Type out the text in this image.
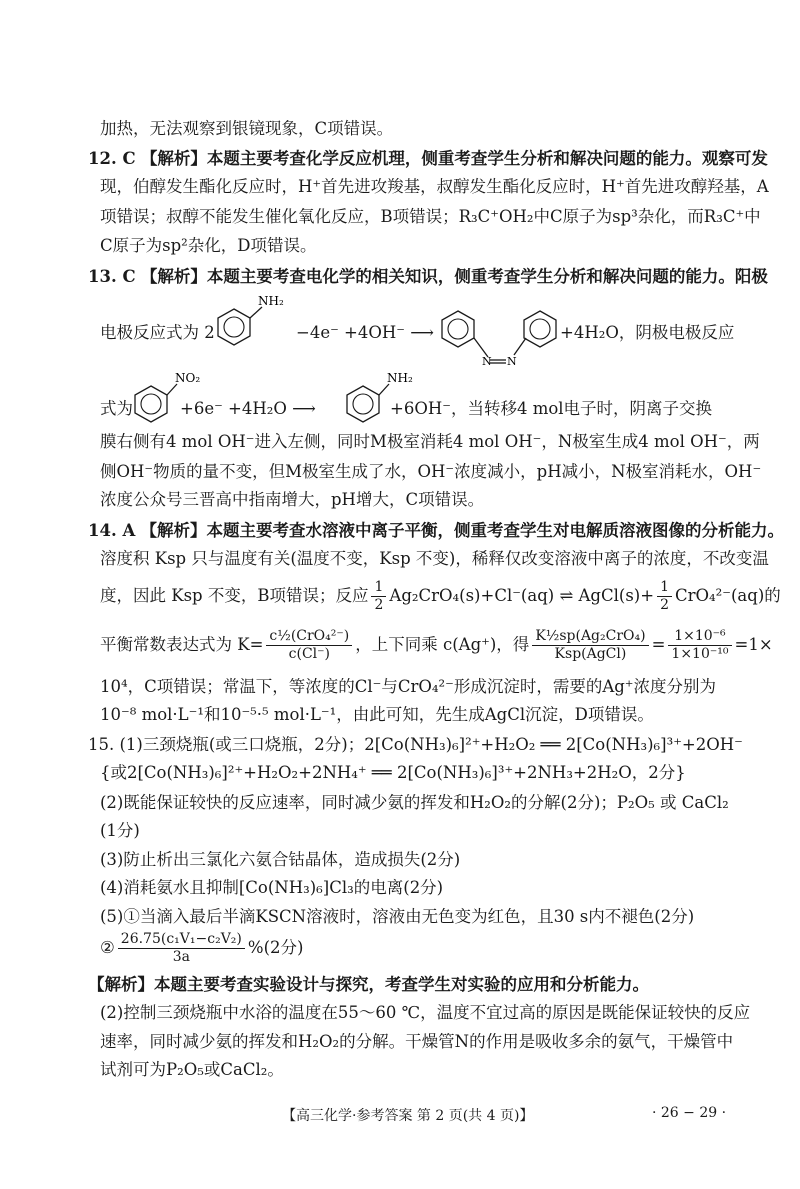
加热，无法观察到银镜现象，C项错误。
12. C 【解析】本题主要考查化学反应机理，侧重考查学生分析和解决问题的能力。观察可发
现，伯醇发生酯化反应时，H⁺首先进攻羧基，叔醇发生酯化反应时，H⁺首先进攻醇羟基，A
项错误；叔醇不能发生催化氧化反应，B项错误；R₃C⁺OH₂中C原子为sp³杂化，而R₃C⁺中
C原子为sp²杂化，D项错误。
13. C 【解析】本题主要考查电化学的相关知识，侧重考查学生分析和解决问题的能力。阳极
电极反应式为 2
NH₂
−4e⁻ +4OH⁻ ⟶
N N
+4H₂O，阴极电极反应
式为
NO₂
+6e⁻ +4H₂O ⟶
NH₂
+6OH⁻，当转移4 mol电子时，阴离子交换
膜右侧有4 mol OH⁻进入左侧，同时M极室消耗4 mol OH⁻，N极室生成4 mol OH⁻，两
侧OH⁻物质的量不变，但M极室生成了水，OH⁻浓度减小，pH减小，N极室消耗水，OH⁻
浓度公众号三晋高中指南增大，pH增大，C项错误。
14. A 【解析】本题主要考查水溶液中离子平衡，侧重考查学生对电解质溶液图像的分析能力。
溶度积 Ksp 只与温度有关(温度不变，Ksp 不变)，稀释仅改变溶液中离子的浓度，不改变温
度，因此 Ksp 不变，B项错误；反应 $\frac{1}{2} Ag_2CrO_4(s)+Cl^-(aq)$ ⇌ AgCl(s)+ $\frac{1}{2} CrO_4^{2-}(aq)$的
平衡常数表达式为 $K= \frac{\text{c½(CrO₄²⁻)}}{c(Cl^-)}$ ，上下同乘 c(Ag⁺)，得 $\frac{\text{K½sp(Ag₂CrO₄)}}{\text{Ksp(AgCl)}} = \frac{\text{1×10⁻⁶}}{\text{1×10⁻¹⁰}} =1\times$
10⁴，C项错误；常温下，等浓度的Cl⁻与CrO₄²⁻形成沉淀时，需要的Ag⁺浓度分别为
10⁻⁸ mol·L⁻¹和10⁻⁵·⁵ mol·L⁻¹，由此可知，先生成AgCl沉淀，D项错误。
15. (1)三颈烧瓶(或三口烧瓶，2分)；2[Co(NH₃)₆]²⁺+H₂O₂ ══ 2[Co(NH₃)₆]³⁺+2OH⁻
{或2[Co(NH₃)₆]²⁺+H₂O₂+2NH₄⁺ ══ 2[Co(NH₃)₆]³⁺+2NH₃+2H₂O，2分}
(2)既能保证较快的反应速率，同时减少氨的挥发和H₂O₂的分解(2分)；P₂O₅ 或 CaCl₂
(1分)
(3)防止析出三氯化六氨合钴晶体，造成损失(2分)
(4)消耗氨水且抑制[Co(NH₃)₆]Cl₃的电离(2分)
(5)①当滴入最后半滴KSCN溶液时，溶液由无色变为红色，且30 s内不褪色(2分)
② $\frac{\text{26.75(c₁V₁−c₂V₂)}}{3a} \%(2$分)
【解析】本题主要考查实验设计与探究，考查学生对实验的应用和分析能力。
(2)控制三颈烧瓶中水浴的温度在55～60 ℃，温度不宜过高的原因是既能保证较快的反应
速率，同时减少氨的挥发和H₂O₂的分解。干燥管N的作用是吸收多余的氨气，干燥管中
试剂可为P₂O₅或CaCl₂。
【高三化学·参考答案 第 2 页(共 4 页)】	· 26 − 29 ·
